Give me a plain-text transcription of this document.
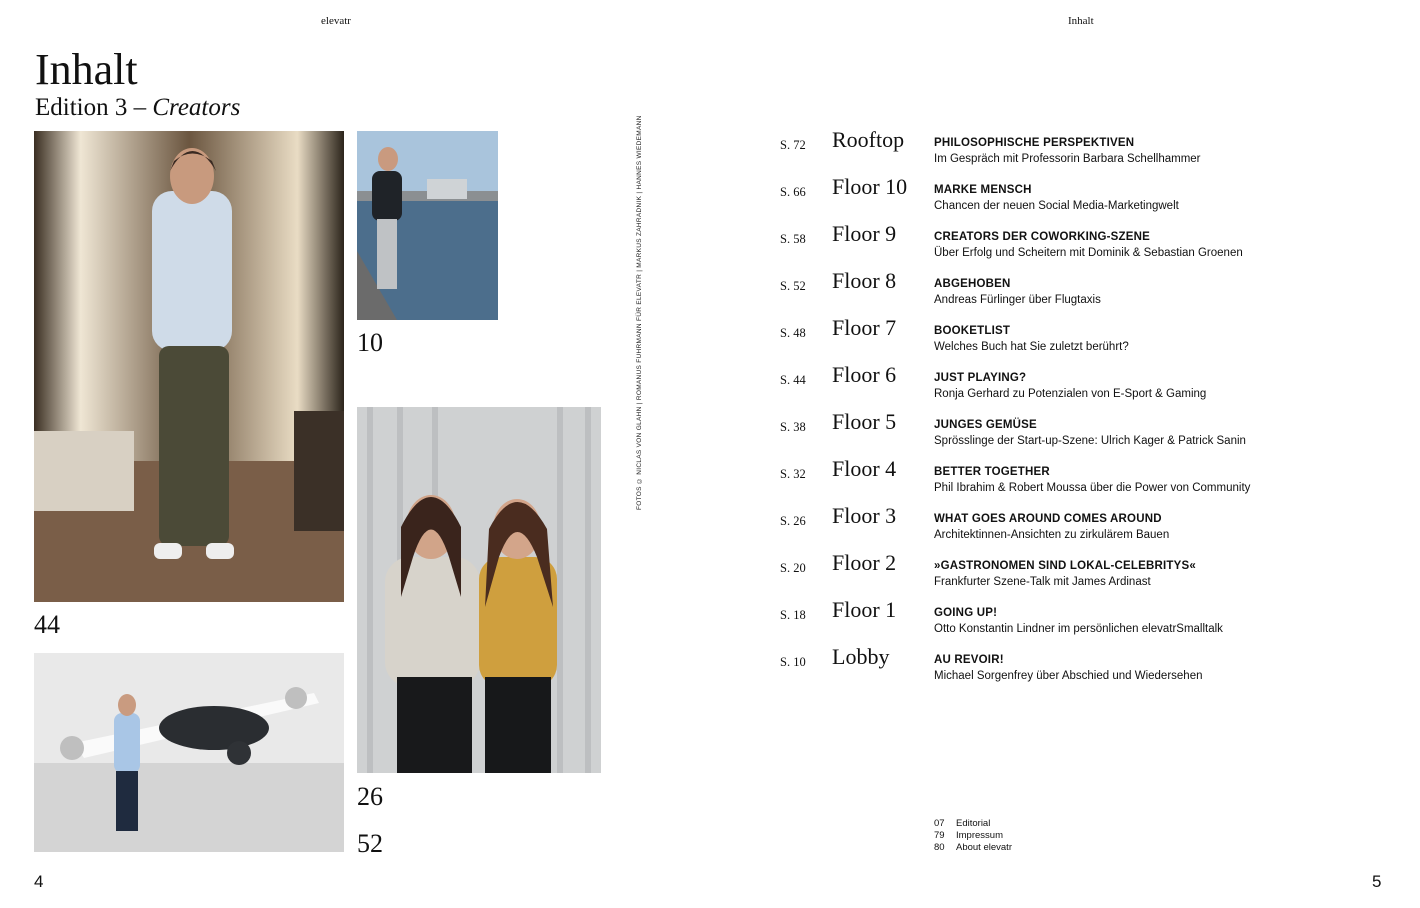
elevatr	Inhalt
Inhalt
Edition 3 – Creators
44
10
26
52
FOTOS © NICLAS VON GLAHN | ROMANUS FUHRMANN FÜR ELEVATR | MARKUS ZAHRADNIK | HANNES WIEDEMANN	S. 72 Rooftop	PHILOSOPHISCHE PERSPEKTIVEN
Im Gespräch mit Professorin Barbara Schellhammer
S. 66 Floor 10 MARKE MENSCH
Chancen der neuen Social Media-Marketingwelt
S. 58 Floor 9	CREATORS DER COWORKING-SZENE
Über Erfolg und Scheitern mit Dominik & Sebastian Groenen
S. 52 Floor 8	ABGEHOBEN
Andreas Fürlinger über Flugtaxis
S. 48 Floor 7	BOOKETLIST
Welches Buch hat Sie zuletzt berührt?
S. 44 Floor 6	JUST PLAYING?
Ronja Gerhard zu Potenzialen von E-Sport & Gaming
S. 38 Floor 5	JUNGES GEMÜSE
Sprösslinge der Start-up-Szene: Ulrich Kager & Patrick Sanin
S. 32 Floor 4	BETTER TOGETHER
Phil Ibrahim & Robert Moussa über die Power von Community
S. 26 Floor 3	WHAT GOES AROUND COMES AROUND
Architektinnen-Ansichten zu zirkulärem Bauen
S. 20 Floor 2	»GASTRONOMEN SIND LOKAL-CELEBRITYS«
Frankfurter Szene-Talk mit James Ardinast
S. 18 Floor 1	GOING UP!
Otto Konstantin Lindner im persönlichen elevatrSmalltalk
S. 10 Lobby	AU REVOIR!
Michael Sorgenfrey über Abschied und Wiedersehen
07 Editorial
79 Impressum
80 About elevatr
4	5
